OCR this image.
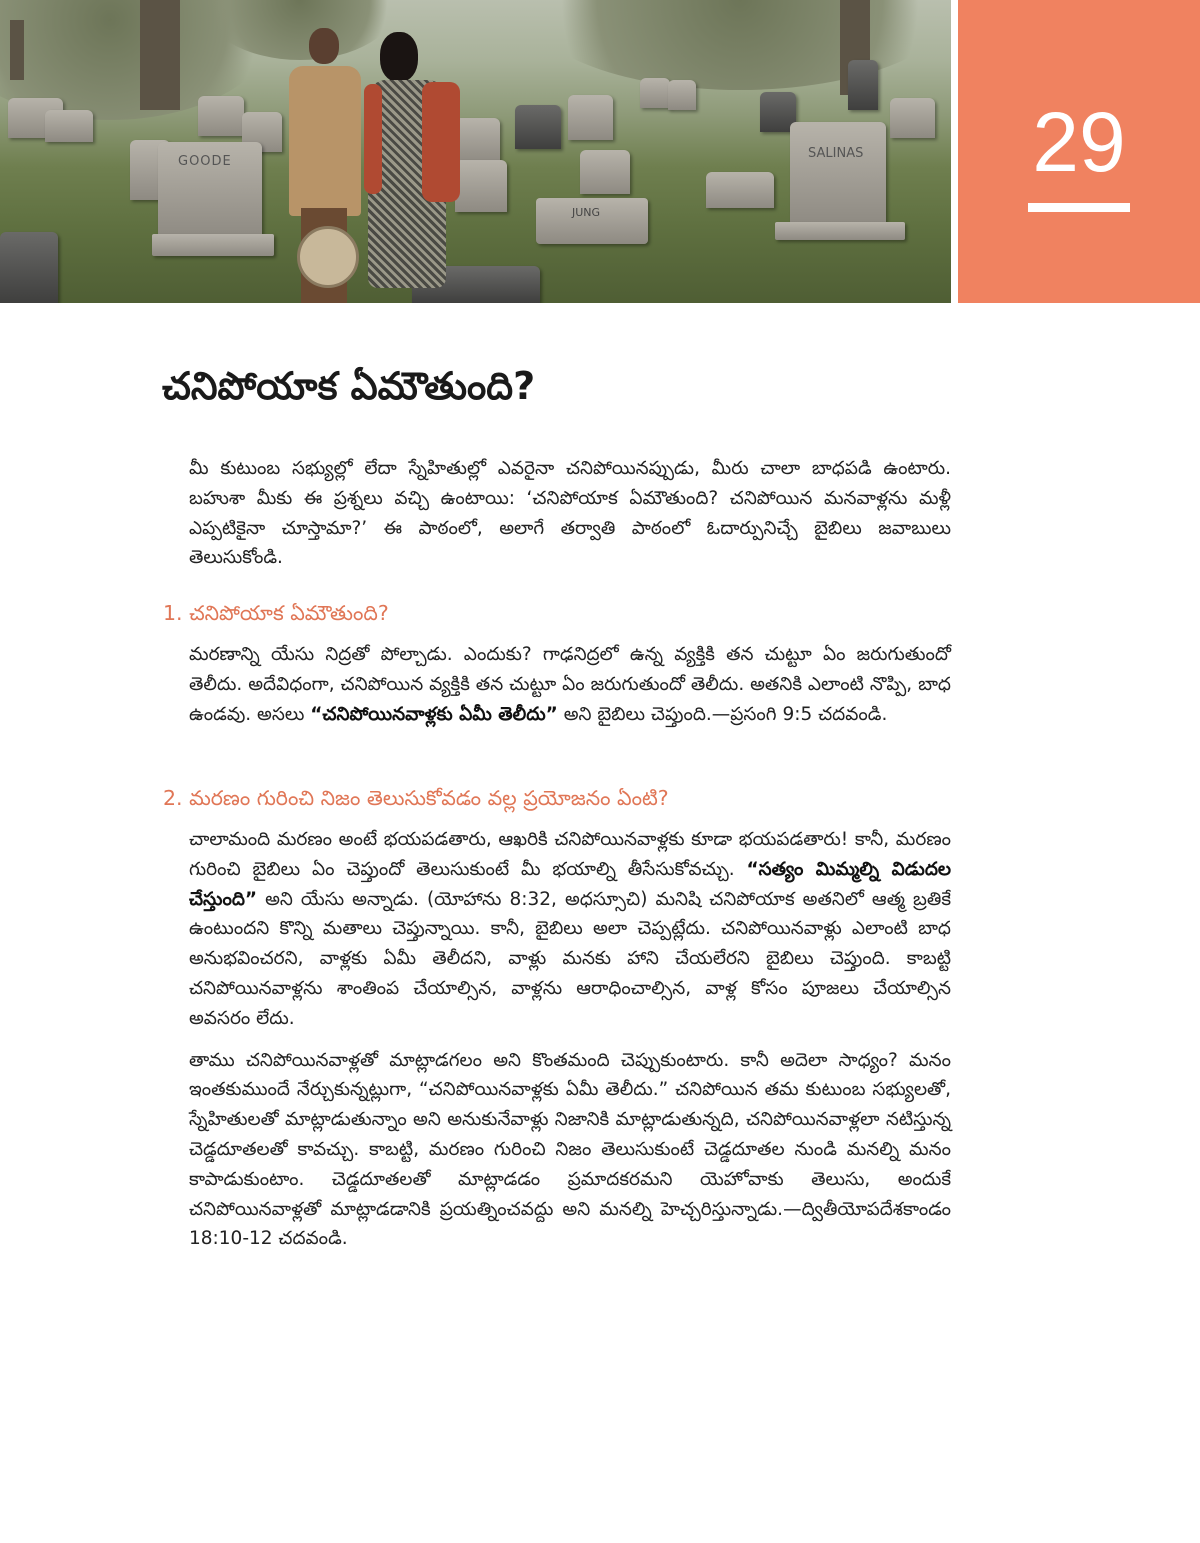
GOODE
JUNG
SALINAS	29
చనిపోయాక ఏమౌతుంది?

మీ కుటుంబ సభ్యుల్లో లేదా స్నేహితుల్లో ఎవరైనా చనిపోయినప్పుడు, మీరు చాలా బాధపడి ఉంటారు. బహుశా మీకు ఈ ప్రశ్నలు వచ్చి ఉంటాయి: ‘చనిపోయాక ఏమౌతుంది? చనిపోయిన మనవాళ్లను మళ్లీ ఎప్పటికైనా చూస్తామా?’ ఈ పాఠంలో, అలాగే తర్వాతి పాఠంలో ఓదార్పునిచ్చే బైబిలు జవాబులు తెలుసుకోండి.

1. చనిపోయాక ఏమౌతుంది?

మరణాన్ని యేసు నిద్రతో పోల్చాడు. ఎందుకు? గాఢనిద్రలో ఉన్న వ్యక్తికి తన చుట్టూ ఏం జరుగుతుందో తెలీదు. అదేవిధంగా, చనిపోయిన వ్యక్తికి తన చుట్టూ ఏం జరుగుతుందో తెలీదు. అతనికి ఎలాంటి నొప్పి, బాధ ఉండవు. అసలు “చనిపోయినవాళ్లకు ఏమీ తెలీదు” అని బైబిలు చెప్తుంది.—ప్రసంగి 9:5 చదవండి.

2. మరణం గురించి నిజం తెలుసుకోవడం వల్ల ప్రయోజనం ఏంటి?

చాలామంది మరణం అంటే భయపడతారు, ఆఖరికి చనిపోయినవాళ్లకు కూడా భయపడతారు! కానీ, మరణం గురించి బైబిలు ఏం చెప్తుందో తెలుసుకుంటే మీ భయాల్ని తీసేసుకోవచ్చు. “సత్యం మిమ్మల్ని విడుదల చేస్తుంది” అని యేసు అన్నాడు. (యోహాను 8:32, అధస్సూచి) మనిషి చనిపోయాక అతనిలో ఆత్మ బ్రతికే ఉంటుందని కొన్ని మతాలు చెప్తున్నాయి. కానీ, బైబిలు అలా చెప్పట్లేదు. చనిపోయినవాళ్లు ఎలాంటి బాధ అనుభవించరని, వాళ్లకు ఏమీ తెలీదని, వాళ్లు మనకు హాని చేయలేరని బైబిలు చెప్తుంది. కాబట్టి చనిపోయినవాళ్లను శాంతింప చేయాల్సిన, వాళ్లను ఆరాధించాల్సిన, వాళ్ల కోసం పూజలు చేయాల్సిన అవసరం లేదు.

తాము చనిపోయినవాళ్లతో మాట్లాడగలం అని కొంతమంది చెప్పుకుంటారు. కానీ అదెలా సాధ్యం? మనం ఇంతకుముందే నేర్చుకున్నట్లుగా, “చనిపోయినవాళ్లకు ఏమీ తెలీదు.” చనిపోయిన తమ కుటుంబ సభ్యులతో, స్నేహితులతో మాట్లాడుతున్నాం అని అనుకునేవాళ్లు నిజానికి మాట్లాడుతున్నది, చనిపోయినవాళ్లలా నటిస్తున్న చెడ్డదూతలతో కావచ్చు. కాబట్టి, మరణం గురించి నిజం తెలుసుకుంటే చెడ్డదూతల నుండి మనల్ని మనం కాపాడుకుంటాం. చెడ్డదూతలతో మాట్లాడడం ప్రమాదకరమని యెహోవాకు తెలుసు, అందుకే చనిపోయినవాళ్లతో మాట్లాడడానికి ప్రయత్నించవద్దు అని మనల్ని హెచ్చరిస్తున్నాడు.—ద్వితీయోపదేశకాండం 18:10-12 చదవండి.
